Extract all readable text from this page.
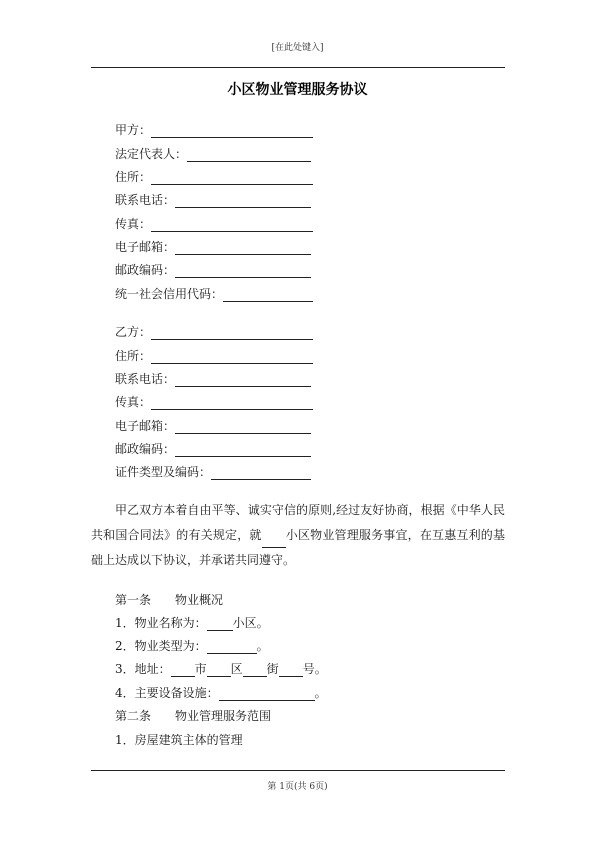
[在此处键入]
小区物业管理服务协议
甲方：
法定代表人：
住所：
联系电话：
传真：
电子邮箱：
邮政编码：
统一社会信用代码：
乙方：
住所：
联系电话：
传真：
电子邮箱：
邮政编码：
证件类型及编码：
甲乙双方本着自由平等、诚实守信的原则,经过友好协商，根据《中华人民共和国合同法》的有关规定，就 小区物业管理服务事宜，在互惠互利的基础上达成以下协议，并承诺共同遵守。
第一条 物业概况
1．物业名称为： 小区。
2．物业类型为：	。
3．地址： 市 区 街 号。
4．主要设备设施：	。
第二条 物业管理服务范围
1．房屋建筑主体的管理
第 1页(共 6页)
